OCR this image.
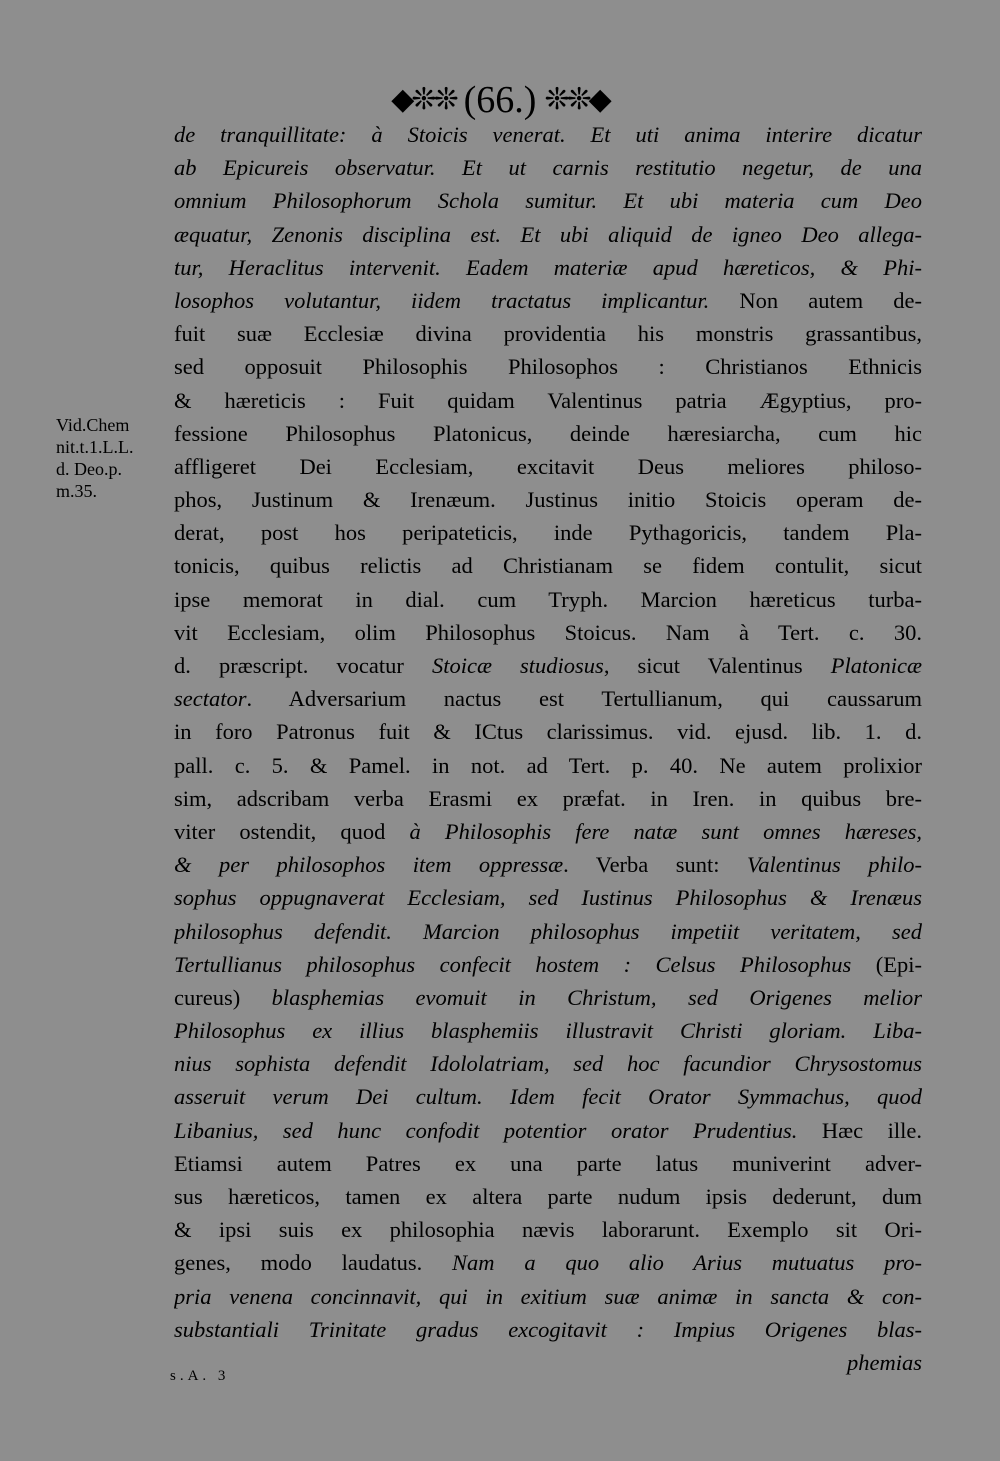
◆❊❊ (66.) ❊❊◆
Vid.Chem
nit.t.1.L.L.
d. Deo.p.
m.35.
de tranquillitate: à Stoicis venerat. Et uti anima interire dicatur
ab Epicureis observatur. Et ut carnis restitutio negetur, de una
omnium Philosophorum Schola sumitur. Et ubi materia cum Deo
æquatur, Zenonis disciplina est. Et ubi aliquid de igneo Deo allega-
tur, Heraclitus intervenit. Eadem materiæ apud hæreticos, & Phi-
losophos volutantur, iidem tractatus implicantur. Non autem de-
fuit suæ Ecclesiæ divina providentia his monstris grassantibus,
sed opposuit Philosophis Philosophos : Christianos Ethnicis
& hæreticis : Fuit quidam Valentinus patria Ægyptius, pro-
fessione Philosophus Platonicus, deinde hæresiarcha, cum hic
affligeret Dei Ecclesiam, excitavit Deus meliores philoso-
phos, Justinum & Irenæum. Justinus initio Stoicis operam de-
derat, post hos peripateticis, inde Pythagoricis, tandem Pla-
tonicis, quibus relictis ad Christianam se fidem contulit, sicut
ipse memorat in dial. cum Tryph. Marcion hæreticus turba-
vit Ecclesiam, olim Philosophus Stoicus. Nam à Tert. c. 30.
d. præscript. vocatur Stoicæ studiosus, sicut Valentinus Platonicæ
sectator. Adversarium nactus est Tertullianum, qui caussarum
in foro Patronus fuit & ICtus clarissimus. vid. ejusd. lib. 1. d.
pall. c. 5. & Pamel. in not. ad Tert. p. 40. Ne autem prolixior
sim, adscribam verba Erasmi ex præfat. in Iren. in quibus bre-
viter ostendit, quod à Philosophis fere natæ sunt omnes hæreses,
& per philosophos item oppressæ. Verba sunt: Valentinus philo-
sophus oppugnaverat Ecclesiam, sed Iustinus Philosophus & Irenæus
philosophus defendit. Marcion philosophus impetiit veritatem, sed
Tertullianus philosophus confecit hostem : Celsus Philosophus (Epi-
cureus) blasphemias evomuit in Christum, sed Origenes melior
Philosophus ex illius blasphemiis illustravit Christi gloriam. Liba-
nius sophista defendit Idololatriam, sed hoc facundior Chrysostomus
asseruit verum Dei cultum. Idem fecit Orator Symmachus, quod
Libanius, sed hunc confodit potentior orator Prudentius. Hæc ille.
Etiamsi autem Patres ex una parte latus muniverint adver-
sus hæreticos, tamen ex altera parte nudum ipsis dederunt, dum
& ipsi suis ex philosophia nævis laborarunt. Exemplo sit Ori-
genes, modo laudatus. Nam a quo alio Arius mutuatus pro-
pria venena concinnavit, qui in exitium suæ animæ in sancta & con-
substantiali Trinitate gradus excogitavit : Impius Origenes blas-
phemias
s.A. 3
